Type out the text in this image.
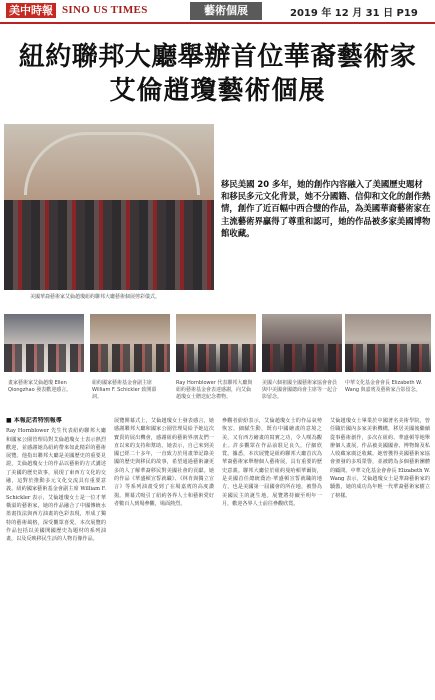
美中時報 SINO US TIMES	藝術個展	2019 年 12 月 31 日 P19
紐約聯邦大廳舉辦首位華裔藝術家
艾倫趙瓊藝術個展
美國華裔藝術家艾倫趙瓊紐約聯邦大廳藝術個展剪彩儀式。

移民美國 20 多年，她的創作內容融入了美國歷史題材和移民多元文化背景，她不分國籍、信仰和文化的創作熱情，創作了近百幅中西合璧的作品，為美國華裔藝術家在主流藝術界贏得了尊重和認可，她的作品被多家美國博物館收藏。

畫家藝術家艾倫趙瓊 Ellen Qiongzhao 發表歡迎感言。
紐約國家藝術基金會副主席 William F. Schickler 致開幕詞。
Ray Hornblower 代表聯邦大廳與紐約藝術基金會表達感謝，向艾倫趙瓊女士贈送紀念禮物。
美國六個祖國全國藝術家協會會員與中美國會國總商會主席等一起合影留念。
中華文化基金會會長 Elizabeth W. Wang 與嘉賓及藝術家合影留念。
■ 本報記者特別報導
Ray Hornblower 先生代表紐約聯邦大廳和國家公園管理局對艾倫趙瓊女士表示熱烈歡迎，並感謝她為紐約帶來如此精彩的藝術展覽。他指出聯邦大廳是美國歷史的重要見證，艾倫趙瓊女士的作品以藝術的方式講述了美國的歷史故事，展現了東西方文化的交融，這對於推動多元文化交流具有重要意義。紐約國家藝術基金會副主席 William F. Schickler 表示，艾倫趙瓊女士是一位才華橫溢的藝術家，她的作品融合了中國傳統水墨畫技法與西方油畫的色彩表現，形成了獨特的藝術風格，深受觀眾喜愛。本次展覽的作品包括以美國開國歷史為題材的系列油畫，以及反映移民生活的人物肖像作品。
展覽開幕式上，艾倫趙瓊女士發表感言，她感謝聯邦大廳和國家公園管理局給予她這次寶貴的展出機會，感謝紐約藝術界朋友們一直以來的支持和幫助。她表示，自己來到美國已經二十多年，一直致力於用畫筆記錄美國的歷史與移民的故事，希望通過藝術讓更多的人了解華裔移民對美國社會的貢獻。她的作品《華盛頓宣誓就職》、《林肯與獨立宣言》等系列油畫受到了在場嘉賓的高度讚揚。開幕式吸引了紐約各界人士和藝術愛好者數百人到場參觀，場面熱烈。
參觀者紛紛表示，艾倫趙瓊女士的作品氣勢恢宏、細膩生動，既有中國繪畫的意境之美，又有西方繪畫的寫實之功，令人嘆為觀止。許多觀眾在作品前駐足良久，仔細欣賞。據悉，本次展覽是紐約聯邦大廳首次為華裔藝術家舉辦個人藝術展，具有重要的歷史意義。聯邦大廳位於紐約曼哈頓華爾街，是美國首任總統喬治·華盛頓宣誓就職的地方，也是美國第一屆國會的所在地，被譽為美國民主的誕生地。展覽將持續至明年一月，歡迎各界人士前往參觀欣賞。
艾倫趙瓊女士畢業於中國著名美術學院，曾任職於國內多家美術機構，移居美國後繼續從事藝術創作，多次在紐約、華盛頓等地舉辦個人畫展，作品被美國國會、博物館及私人收藏家廣泛收藏。她曾獲得美國藝術家協會頒發的多項榮譽，並被聘為多個藝術團體的顧問。中華文化基金會會長 Elizabeth W. Wang 表示，艾倫趙瓊女士是華裔藝術家的驕傲，她的成功為年輕一代華裔藝術家樹立了榜樣。
